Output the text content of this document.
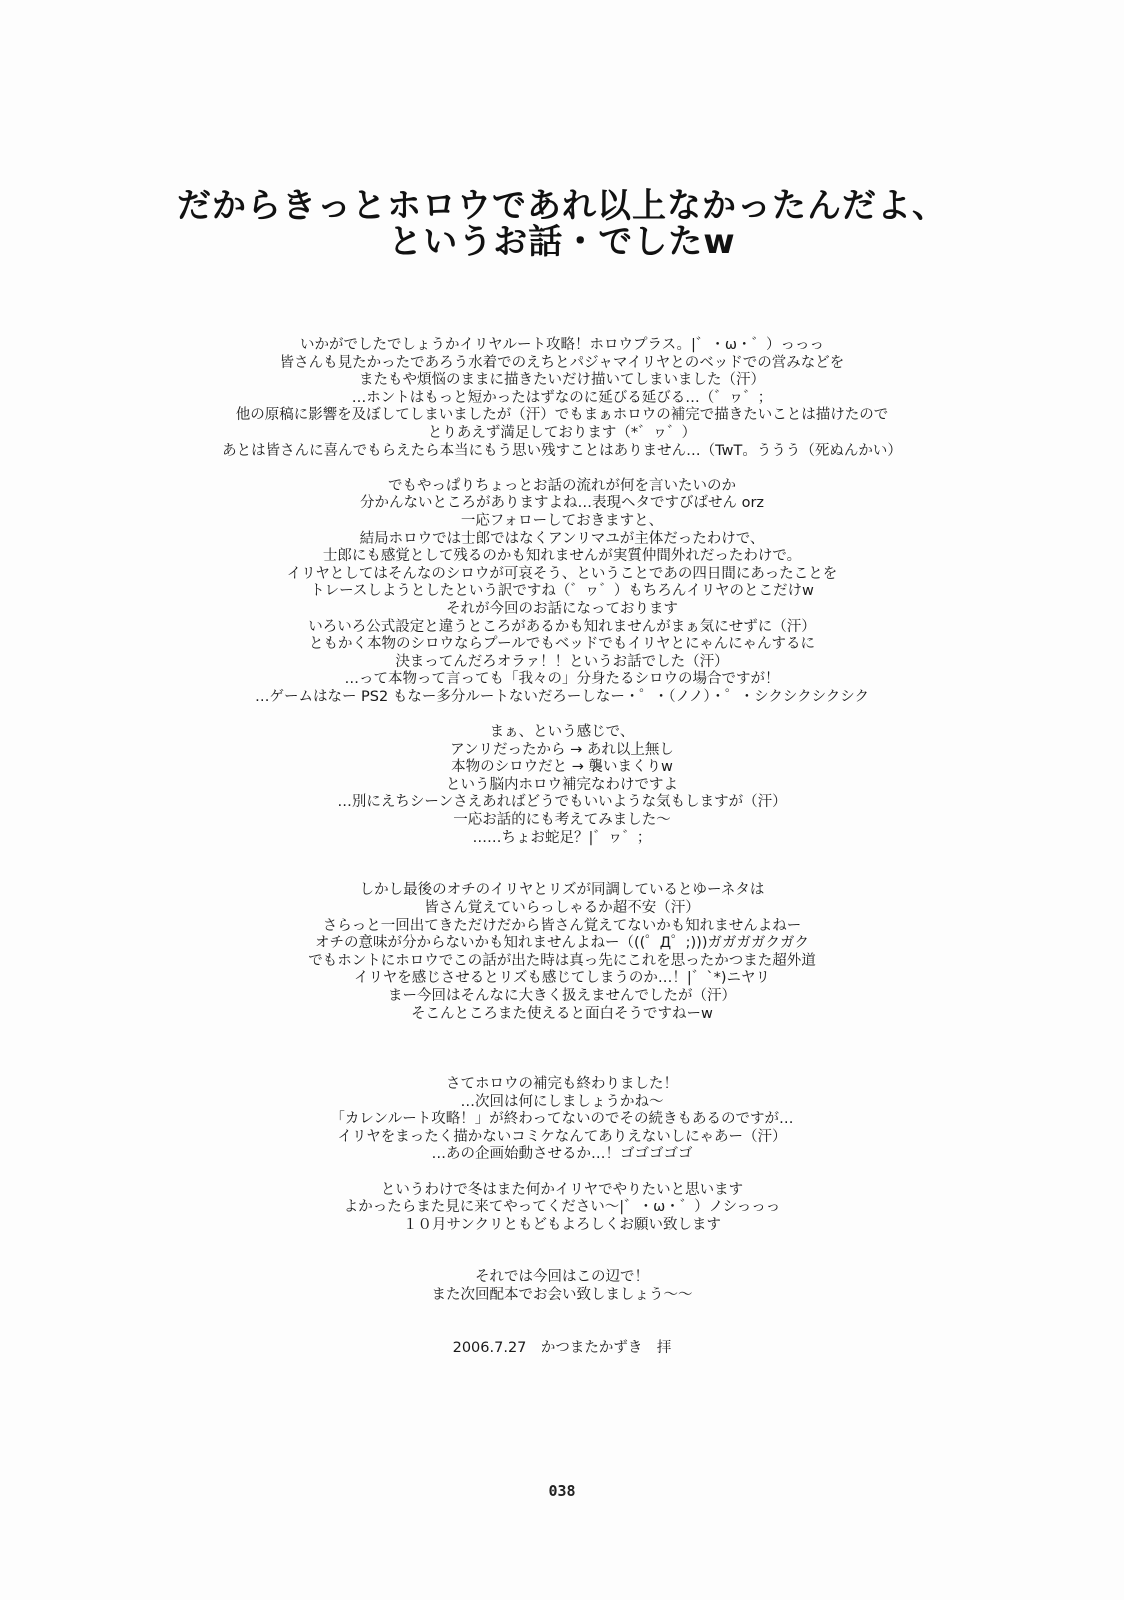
だからきっとホロウであれ以上なかったんだよ、
というお話・でしたw
いかがでしたでしょうかイリヤルート攻略！ホロウプラス。|゛・ω・゛）っっっ
皆さんも見たかったであろう水着でのえちとパジャマイリヤとのベッドでの営みなどを
またもや煩悩のままに描きたいだけ描いてしまいました（汗）
…ホントはもっと短かったはずなのに延びる延びる…（゛ヮ゛；
他の原稿に影響を及ぼしてしまいましたが（汗）でもまぁホロウの補完で描きたいことは描けたので
とりあえず満足しております（*゛ヮ゛）
あとは皆さんに喜んでもらえたら本当にもう思い残すことはありません…（TwT。ううう（死ぬんかい）
でもやっぱりちょっとお話の流れが何を言いたいのか
分かんないところがありますよね…表現ヘタですびばせん orz
一応フォローしておきますと、
結局ホロウでは士郎ではなくアンリマユが主体だったわけで、
士郎にも感覚として残るのかも知れませんが実質仲間外れだったわけで。
イリヤとしてはそんなのシロウが可哀そう、ということであの四日間にあったことを
トレースしようとしたという訳ですね（゛ヮ゛）もちろんイリヤのとこだけw
それが今回のお話になっております
いろいろ公式設定と違うところがあるかも知れませんがまぁ気にせずに（汗）
ともかく本物のシロウならプールでもベッドでもイリヤとにゃんにゃんするに
決まってんだろオラァ！！というお話でした（汗）
…って本物って言っても「我々の」分身たるシロウの場合ですが！
…ゲームはなー PS2 もなー多分ルートないだろーしなー・゜・（ノノ）・゜・シクシクシクシク
まぁ、という感じで、
アンリだったから → あれ以上無し
本物のシロウだと → 襲いまくりw
という脳内ホロウ補完なわけですよ
…別にえちシーンさえあればどうでもいいような気もしますが（汗）
一応お話的にも考えてみました～
……ちょお蛇足？|゛ヮ゛；
しかし最後のオチのイリヤとリズが同調しているとゆーネタは
皆さん覚えていらっしゃるか超不安（汗）
さらっと一回出てきただけだから皆さん覚えてないかも知れませんよねー
オチの意味が分からないかも知れませんよねー（((゜Д゜;)))ガガガガクガク
でもホントにホロウでこの話が出た時は真っ先にこれを思ったかつまた超外道
イリヤを感じさせるとリズも感じてしまうのか…！|゛`*)ニヤリ
まー今回はそんなに大きく扱えませんでしたが（汗）
そこんところまた使えると面白そうですねーw
さてホロウの補完も終わりました！
…次回は何にしましょうかね～
「カレンルート攻略！」が終わってないのでその続きもあるのですが…
イリヤをまったく描かないコミケなんてありえないしにゃあー（汗）
…あの企画始動させるか…！ゴゴゴゴゴ
というわけで冬はまた何かイリヤでやりたいと思います
よかったらまた見に来てやってください～|゛・ω・゛）ノシっっっ
１０月サンクリともどもよろしくお願い致します
それでは今回はこの辺で！
また次回配本でお会い致しましょう～～
2006.7.27　かつまたかずき　拝
038
